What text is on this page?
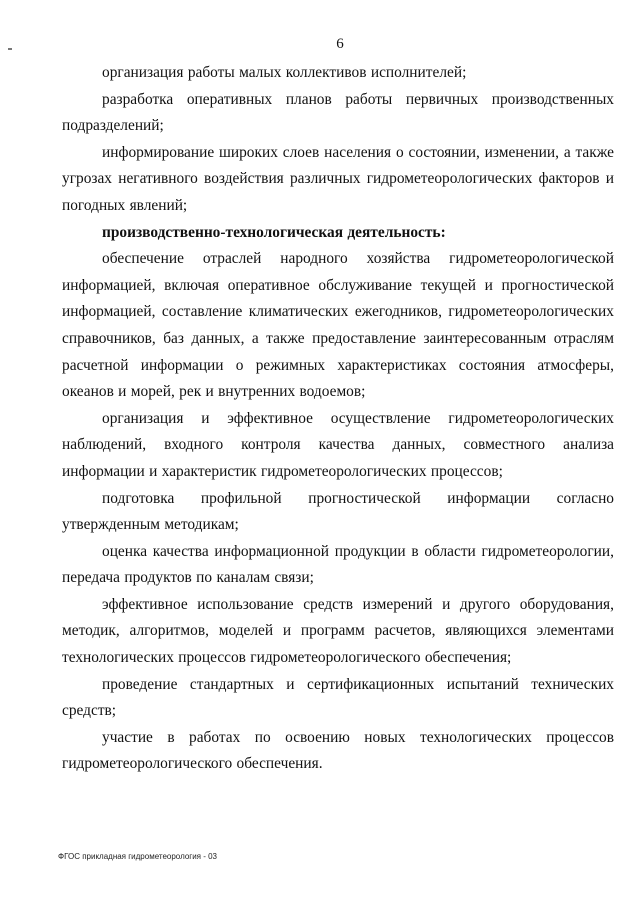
6

организация работы малых коллективов исполнителей;

разработка оперативных планов работы первичных производственных подразделений;

информирование широких слоев населения о состоянии, изменении, а также угрозах негативного воздействия различных гидрометеорологических факторов и погодных явлений;

производственно-технологическая деятельность:

обеспечение отраслей народного хозяйства гидрометеорологической информацией, включая оперативное обслуживание текущей и прогностической информацией, составление климатических ежегодников, гидрометеорологических справочников, баз данных, а также предоставление заинтересованным отраслям расчетной информации о режимных характеристиках состояния атмосферы, океанов и морей, рек и внутренних водоемов;

организация и эффективное осуществление гидрометеорологических наблюдений, входного контроля качества данных, совместного анализа информации и характеристик гидрометеорологических процессов;

подготовка профильной прогностической информации согласно утвержденным методикам;

оценка качества информационной продукции в области гидрометеорологии, передача продуктов по каналам связи;

эффективное использование средств измерений и другого оборудования, методик, алгоритмов, моделей и программ расчетов, являющихся элементами технологических процессов гидрометеорологического обеспечения;

проведение стандартных и сертификационных испытаний технических средств;

участие в работах по освоению новых технологических процессов гидрометеорологического обеспечения.

ФГОС прикладная гидрометеорология - 03
